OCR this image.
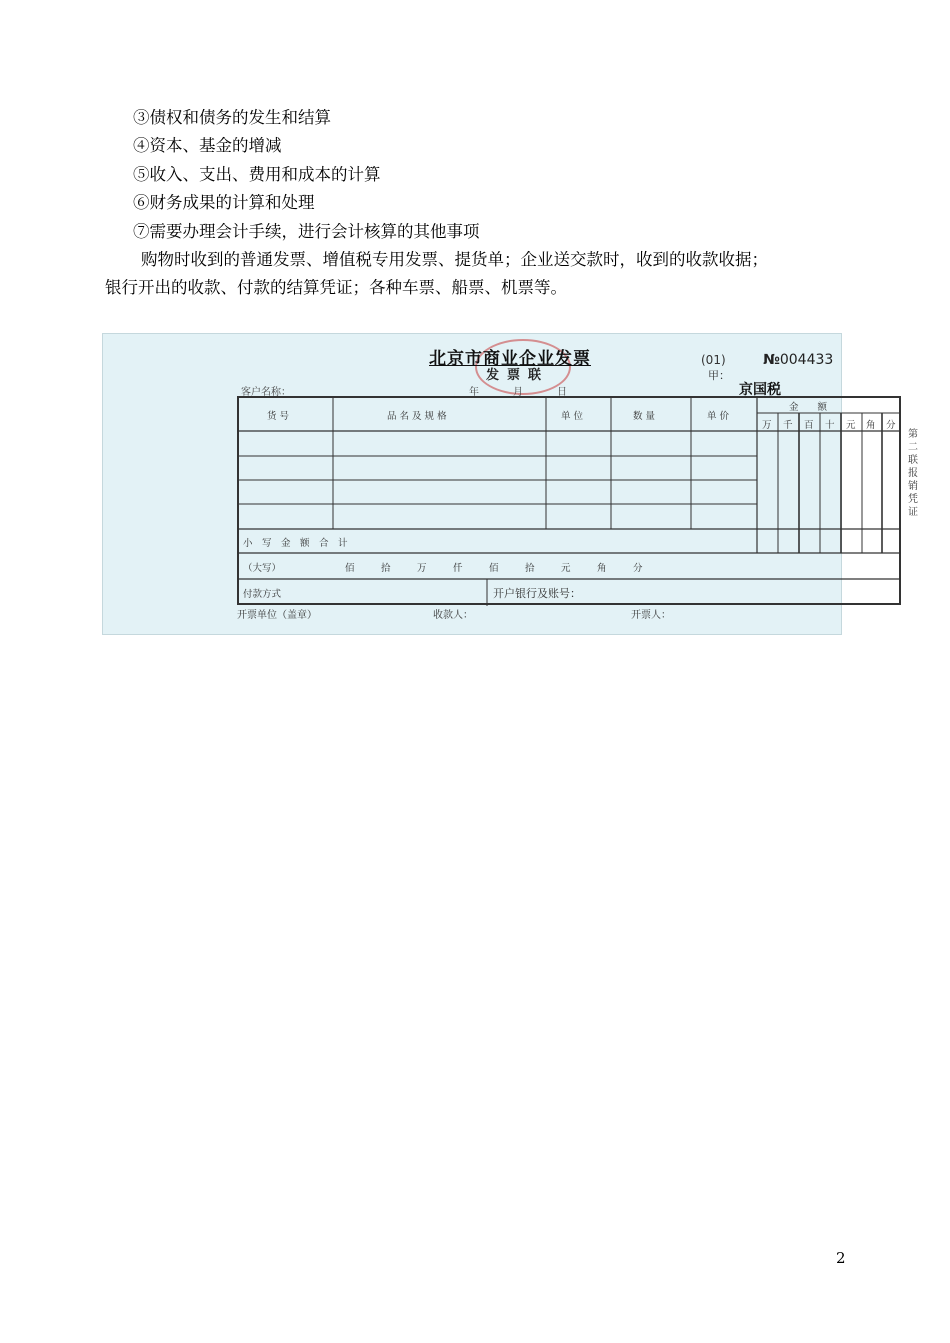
③债权和债务的发生和结算
④资本、基金的增减
⑤收入、支出、费用和成本的计算
⑥财务成果的计算和处理
⑦需要办理会计手续，进行会计核算的其他事项
购物时收到的普通发票、增值税专用发票、提货单；企业送交款时，收到的收款收据；
银行开出的收款、付款的结算凭证；各种车票、船票、机票等。
北京市商业企业发票
发票联
(01)	№004433
甲：
客户名称：	年	月	日	京国税
第二联 报销凭证
货 号	品 名 及 规 格	单 位	数 量	单 价
金　　额
万 千 百 十 元 角 分
小　写　金　额　合　计
（大写）	佰	拾	万	仟	佰	拾	元	角	分
付款方式	开户银行及账号：
开票单位（盖章）	收款人：	开票人：
2
